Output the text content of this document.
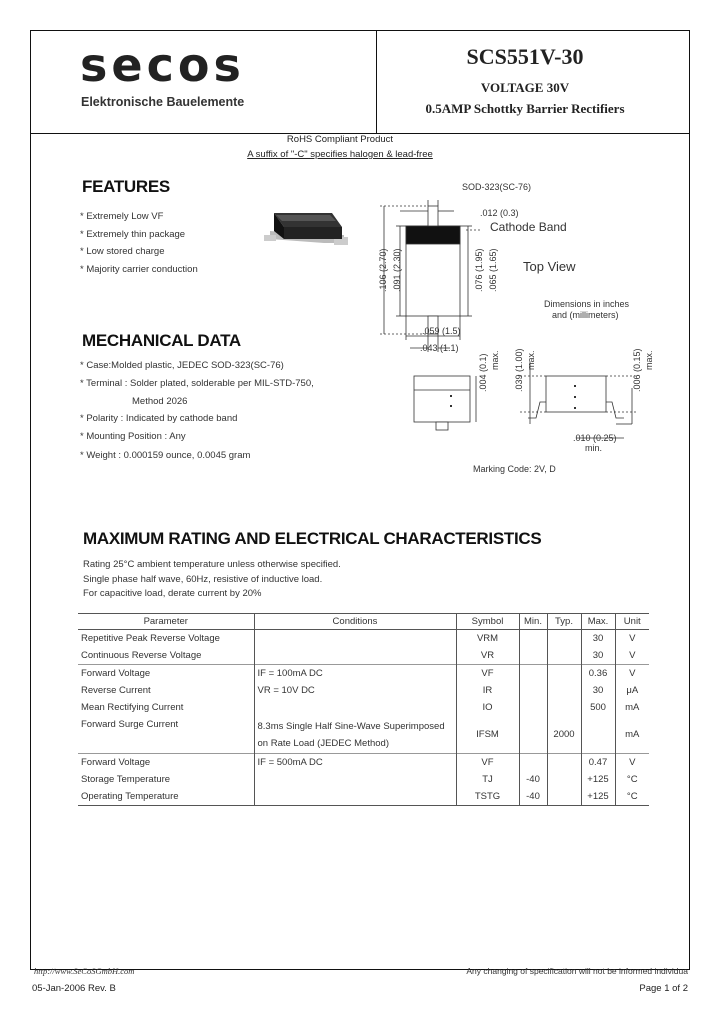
secos
Elektronische Bauelemente
SCS551V-30
VOLTAGE 30V
0.5AMP Schottky Barrier Rectifiers
RoHS Compliant Product
A suffix of "-C" specifies halogen & lead-free
FEATURES
* Extremely Low VF
* Extremely thin package
* Low stored charge
* Majority carrier conduction
MECHANICAL DATA
* Case:Molded plastic, JEDEC SOD-323(SC-76)
* Terminal : Solder plated, solderable per MIL-STD-750,
Method 2026
* Polarity : Indicated by cathode band
* Mounting Position : Any
* Weight : 0.000159 ounce, 0.0045 gram
SOD-323(SC-76)
.012 (0.3)
Cathode Band
Top View
Dimensions in inches
and (millimeters)
.106 (2.70) .091 (2.30)	.076 (1.95) .065 (1.65)
.059 (1.5)
.043 (1.1)
.004 (0.1) max. .039 (1.00) max.	.006 (0.15) max.
.010 (0.25)
min.
Marking Code: 2V, D
MAXIMUM RATING AND ELECTRICAL CHARACTERISTICS
Rating 25°C ambient temperature unless otherwise specified.
Single phase half wave, 60Hz, resistive of inductive load.
For capacitive load, derate current by 20%
Parameter	Conditions	Symbol	Min.	Typ.	Max.	Unit
Repetitive Peak Reverse Voltage		VRM			30	V
Continuous Reverse Voltage		VR			30	V
Forward Voltage	IF = 100mA DC	VF			0.36	V
Reverse Current	VR = 10V DC	IR			30	μA
Mean Rectifying Current		IO			500	mA
Forward Surge Current	8.3ms Single Half Sine-Wave Superimposed
on Rate Load (JEDEC Method)	IFSM		2000		mA
Forward Voltage	IF = 500mA DC	VF			0.47	V
Storage Temperature		TJ	-40		+125	°C
Operating Temperature		TSTG	-40		+125	°C
http://www.SeCoSGmbH.com	Any changing of specification will not be informed individua
05-Jan-2006 Rev. B	Page 1 of 2
